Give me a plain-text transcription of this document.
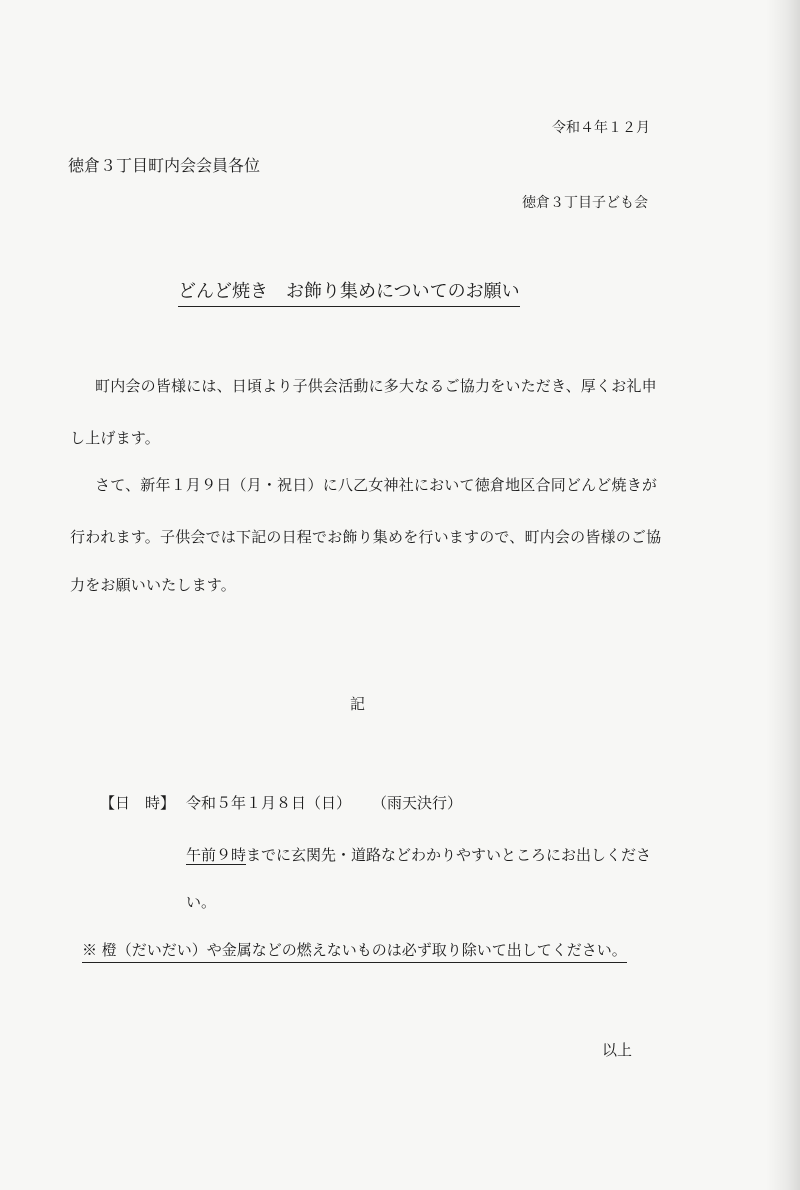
令和４年１２月
徳倉３丁目町内会会員各位
徳倉３丁目子ども会
どんど焼き　お飾り集めについてのお願い
町内会の皆様には、日頃より子供会活動に多大なるご協力をいただき、厚くお礼申
し上げます。
さて、新年１月９日（月・祝日）に八乙女神社において徳倉地区合同どんど焼きが
行われます。子供会では下記の日程でお飾り集めを行いますので、町内会の皆様のご協
力をお願いいたします。
記
【日　時】 令和５年１月８日（日） （雨天決行）
午前９時までに玄関先・道路などわかりやすいところにお出しくださ
い。
※ 橙（だいだい）や金属などの燃えないものは必ず取り除いて出してください。
以上
